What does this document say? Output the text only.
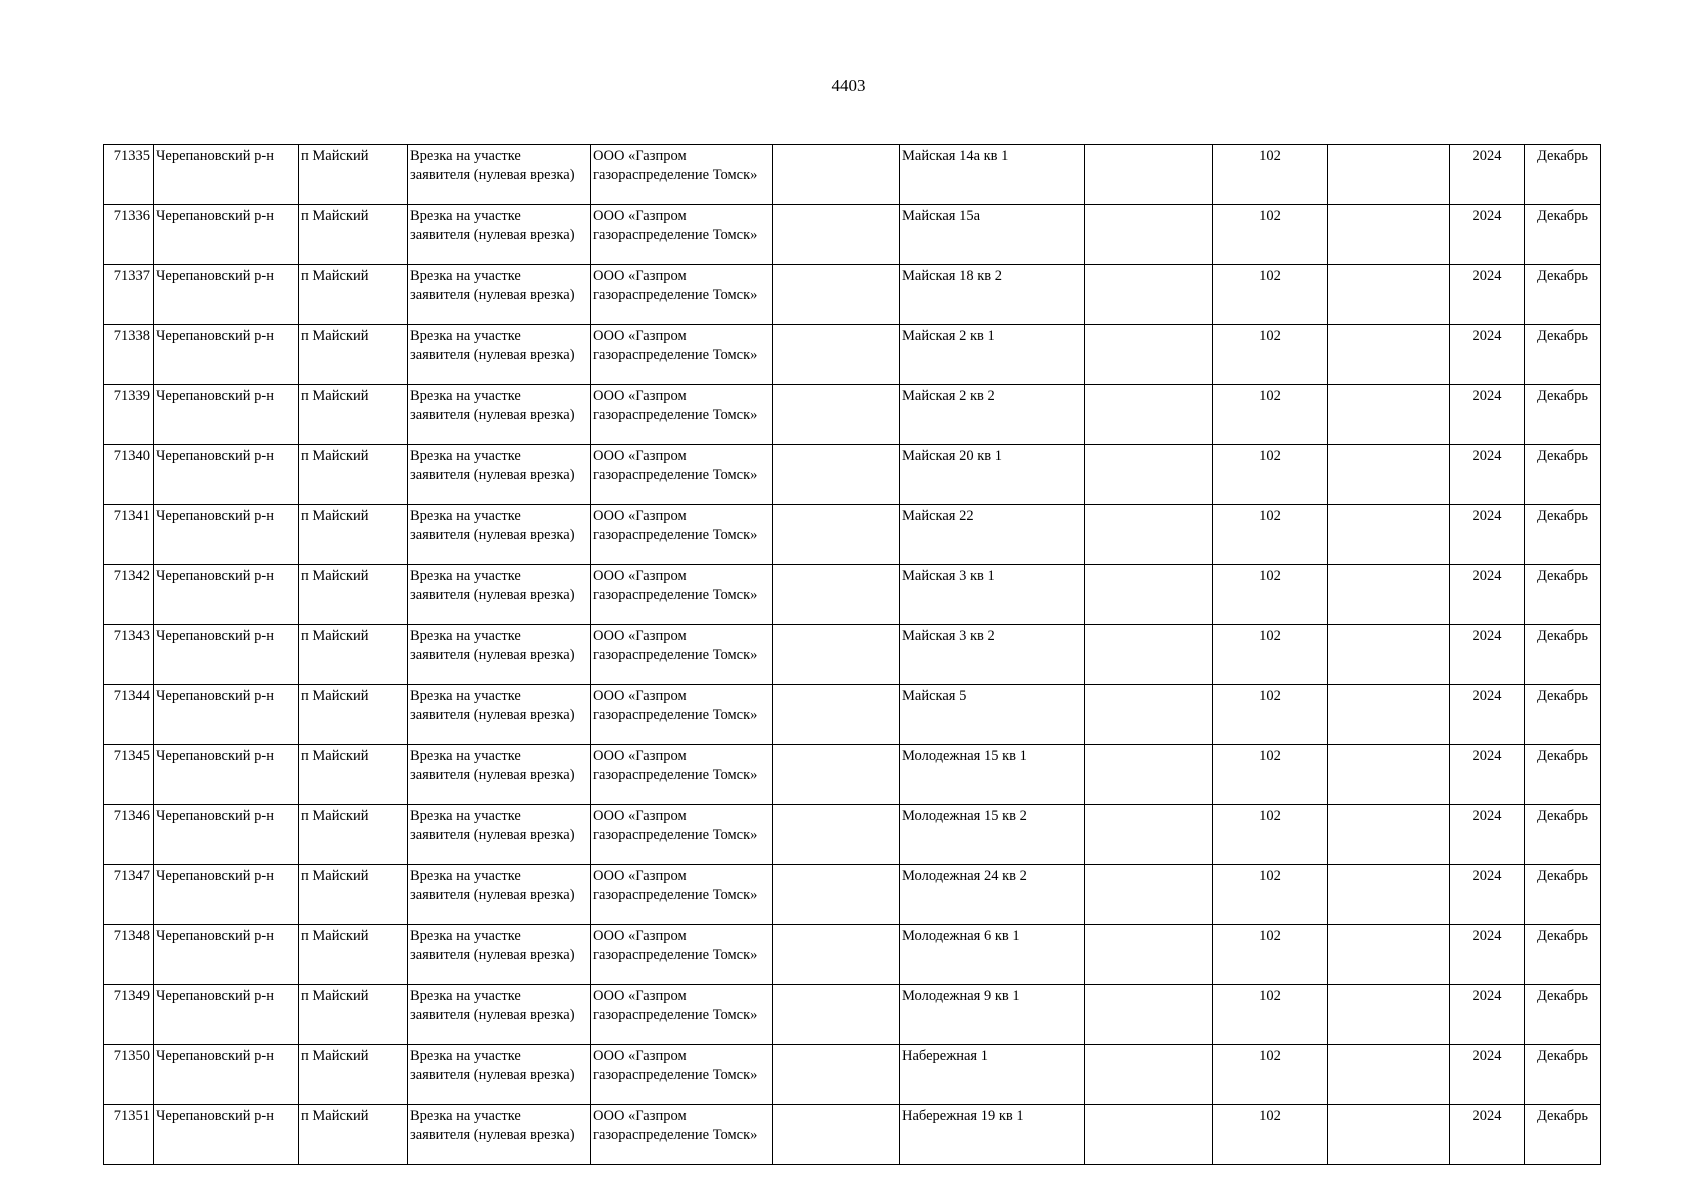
4403
71335	Черепановский р-н	п Майский	Врезка на участке
заявителя (нулевая врезка)	ООО «Газпром
газораспределение Томск»		Майская 14а кв 1		102		2024	Декабрь
71336	Черепановский р-н	п Майский	Врезка на участке
заявителя (нулевая врезка)	ООО «Газпром
газораспределение Томск»		Майская 15а		102		2024	Декабрь
71337	Черепановский р-н	п Майский	Врезка на участке
заявителя (нулевая врезка)	ООО «Газпром
газораспределение Томск»		Майская 18 кв 2		102		2024	Декабрь
71338	Черепановский р-н	п Майский	Врезка на участке
заявителя (нулевая врезка)	ООО «Газпром
газораспределение Томск»		Майская 2 кв 1		102		2024	Декабрь
71339	Черепановский р-н	п Майский	Врезка на участке
заявителя (нулевая врезка)	ООО «Газпром
газораспределение Томск»		Майская 2 кв 2		102		2024	Декабрь
71340	Черепановский р-н	п Майский	Врезка на участке
заявителя (нулевая врезка)	ООО «Газпром
газораспределение Томск»		Майская 20 кв 1		102		2024	Декабрь
71341	Черепановский р-н	п Майский	Врезка на участке
заявителя (нулевая врезка)	ООО «Газпром
газораспределение Томск»		Майская 22		102		2024	Декабрь
71342	Черепановский р-н	п Майский	Врезка на участке
заявителя (нулевая врезка)	ООО «Газпром
газораспределение Томск»		Майская 3 кв 1		102		2024	Декабрь
71343	Черепановский р-н	п Майский	Врезка на участке
заявителя (нулевая врезка)	ООО «Газпром
газораспределение Томск»		Майская 3 кв 2		102		2024	Декабрь
71344	Черепановский р-н	п Майский	Врезка на участке
заявителя (нулевая врезка)	ООО «Газпром
газораспределение Томск»		Майская 5		102		2024	Декабрь
71345	Черепановский р-н	п Майский	Врезка на участке
заявителя (нулевая врезка)	ООО «Газпром
газораспределение Томск»		Молодежная 15 кв 1		102		2024	Декабрь
71346	Черепановский р-н	п Майский	Врезка на участке
заявителя (нулевая врезка)	ООО «Газпром
газораспределение Томск»		Молодежная 15 кв 2		102		2024	Декабрь
71347	Черепановский р-н	п Майский	Врезка на участке
заявителя (нулевая врезка)	ООО «Газпром
газораспределение Томск»		Молодежная 24 кв 2		102		2024	Декабрь
71348	Черепановский р-н	п Майский	Врезка на участке
заявителя (нулевая врезка)	ООО «Газпром
газораспределение Томск»		Молодежная 6 кв 1		102		2024	Декабрь
71349	Черепановский р-н	п Майский	Врезка на участке
заявителя (нулевая врезка)	ООО «Газпром
газораспределение Томск»		Молодежная 9 кв 1		102		2024	Декабрь
71350	Черепановский р-н	п Майский	Врезка на участке
заявителя (нулевая врезка)	ООО «Газпром
газораспределение Томск»		Набережная 1		102		2024	Декабрь
71351	Черепановский р-н	п Майский	Врезка на участке
заявителя (нулевая врезка)	ООО «Газпром
газораспределение Томск»		Набережная 19 кв 1		102		2024	Декабрь
